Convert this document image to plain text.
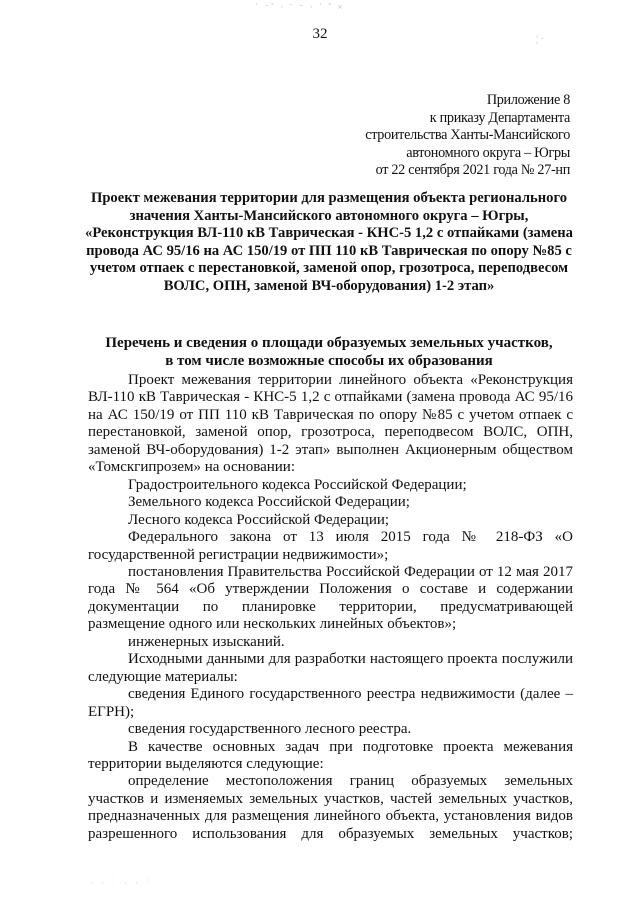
˙ ⁻˜ · ¨ ⁻ · ˙ ˜ ×
32	¦ ·
Приложение 8
к приказу Департамента
строительства Ханты-Мансийского
автономного округа – Югры
от 22 сентября 2021 года № 27-нп
Проект межевания территории для размещения объекта регионального значения Ханты-Мансийского автономного округа – Югры, «Реконструкция ВЛ-110 кВ Таврическая - КНС-5 1,2 с отпайками (замена провода АС 95/16 на АС 150/19 от ПП 110 кВ Таврическая по опору №85 с учетом отпаек с перестановкой, заменой опор, грозотроса, переподвесом ВОЛС, ОПН, заменой ВЧ-оборудования) 1-2 этап»
Перечень и сведения о площади образуемых земельных участков,
в том числе возможные способы их образования

Проект межевания территории линейного объекта «Реконструкция ВЛ-110 кВ Таврическая - КНС-5 1,2 с отпайками (замена провода АС 95/16 на АС 150/19 от ПП 110 кВ Таврическая по опору №85 с учетом отпаек с перестановкой, заменой опор, грозотроса, переподвесом ВОЛС, ОПН, заменой ВЧ-оборудования) 1-2 этап» выполнен Акционерным обществом «Томскгипрозем» на основании:

Градостроительного кодекса Российской Федерации;

Земельного кодекса Российской Федерации;

Лесного кодекса Российской Федерации;

Федерального закона от 13 июля 2015 года № 218-ФЗ «О государственной регистрации недвижимости»;

постановления Правительства Российской Федерации от 12 мая 2017 года № 564 «Об утверждении Положения о составе и содержании документации по планировке территории, предусматривающей размещение одного или нескольких линейных объектов»;

инженерных изысканий.

Исходными данными для разработки настоящего проекта послужили следующие материалы:

сведения Единого государственного реестра недвижимости (далее – ЕГРН);

сведения государственного лесного реестра.

В качестве основных задач при подготовке проекта межевания территории выделяются следующие:

определение местоположения границ образуемых земельных участков и изменяемых земельных участков, частей земельных участков, предназначенных для размещения линейного объекта, установления видов разрешенного использования для образуемых земельных участков;

· · ˙ · · ˙
